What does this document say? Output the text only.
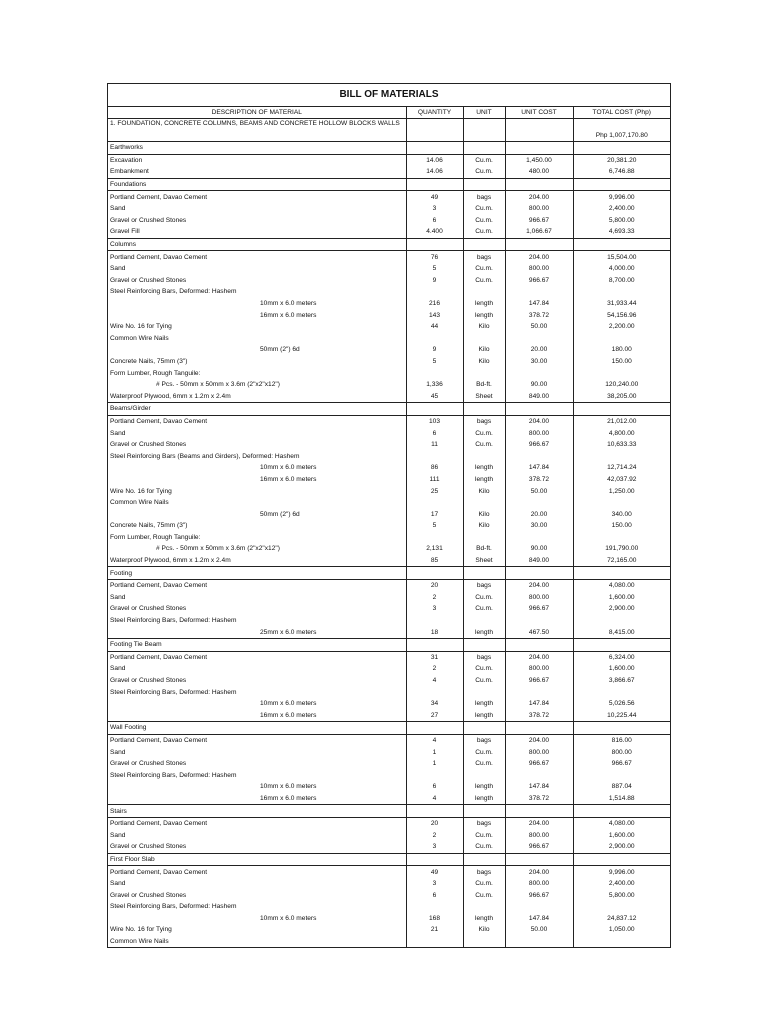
BILL OF MATERIALS
DESCRIPTION OF MATERIAL	QUANTITY	UNIT	UNIT COST	TOTAL COST (Php)
1. FOUNDATION, CONCRETE COLUMNS, BEAMS AND CONCRETE HOLLOW BLOCKS WALLS				Php 1,007,170.80
Earthworks				
Excavation	14.06	Cu.m.	1,450.00	20,381.20
Embankment	14.06	Cu.m.	480.00	6,746.88
Foundations				
Portland Cement, Davao Cement	49	bags	204.00	9,996.00
Sand	3	Cu.m.	800.00	2,400.00
Gravel or Crushed Stones	6	Cu.m.	966.67	5,800.00
Gravel Fill	4.400	Cu.m.	1,066.67	4,693.33
Columns				
Portland Cement, Davao Cement	76	bags	204.00	15,504.00
Sand	5	Cu.m.	800.00	4,000.00
Gravel or Crushed Stones	9	Cu.m.	966.67	8,700.00
Steel Reinforcing Bars, Deformed: Hashem				
10mm x 6.0 meters	216	length	147.84	31,933.44
16mm x 6.0 meters	143	length	378.72	54,156.96
Wire No. 16 for Tying	44	Kilo	50.00	2,200.00
Common Wire Nails				
50mm (2") 6d	9	Kilo	20.00	180.00
Concrete Nails, 75mm (3")	5	Kilo	30.00	150.00
Form Lumber, Rough Tanguile:				
# Pcs. - 50mm x 50mm x 3.6m (2"x2"x12")	1,336	Bd-ft.	90.00	120,240.00
Waterproof Plywood, 6mm x 1.2m x 2.4m	45	Sheet	849.00	38,205.00
Beams/Girder				
Portland Cement, Davao Cement	103	bags	204.00	21,012.00
Sand	6	Cu.m.	800.00	4,800.00
Gravel or Crushed Stones	11	Cu.m.	966.67	10,633.33
Steel Reinforcing Bars (Beams and Girders), Deformed: Hashem				
10mm x 6.0 meters	86	length	147.84	12,714.24
16mm x 6.0 meters	111	length	378.72	42,037.92
Wire No. 16 for Tying	25	Kilo	50.00	1,250.00
Common Wire Nails				
50mm (2") 6d	17	Kilo	20.00	340.00
Concrete Nails, 75mm (3")	5	Kilo	30.00	150.00
Form Lumber, Rough Tanguile:				
# Pcs. - 50mm x 50mm x 3.6m (2"x2"x12")	2,131	Bd-ft.	90.00	191,790.00
Waterproof Plywood, 6mm x 1.2m x 2.4m	85	Sheet	849.00	72,165.00
Footing				
Portland Cement, Davao Cement	20	bags	204.00	4,080.00
Sand	2	Cu.m.	800.00	1,600.00
Gravel or Crushed Stones	3	Cu.m.	966.67	2,900.00
Steel Reinforcing Bars, Deformed: Hashem				
25mm x 6.0 meters	18	length	467.50	8,415.00
Footing Tie Beam				
Portland Cement, Davao Cement	31	bags	204.00	6,324.00
Sand	2	Cu.m.	800.00	1,600.00
Gravel or Crushed Stones	4	Cu.m.	966.67	3,866.67
Steel Reinforcing Bars, Deformed: Hashem				
10mm x 6.0 meters	34	length	147.84	5,026.56
16mm x 6.0 meters	27	length	378.72	10,225.44
Wall Footing				
Portland Cement, Davao Cement	4	bags	204.00	816.00
Sand	1	Cu.m.	800.00	800.00
Gravel or Crushed Stones	1	Cu.m.	966.67	966.67
Steel Reinforcing Bars, Deformed: Hashem				
10mm x 6.0 meters	6	length	147.84	887.04
16mm x 6.0 meters	4	length	378.72	1,514.88
Stairs				
Portland Cement, Davao Cement	20	bags	204.00	4,080.00
Sand	2	Cu.m.	800.00	1,600.00
Gravel or Crushed Stones	3	Cu.m.	966.67	2,900.00
First Floor Slab				
Portland Cement, Davao Cement	49	bags	204.00	9,996.00
Sand	3	Cu.m.	800.00	2,400.00
Gravel or Crushed Stones	6	Cu.m.	966.67	5,800.00
Steel Reinforcing Bars, Deformed: Hashem				
10mm x 6.0 meters	168	length	147.84	24,837.12
Wire No. 16 for Tying	21	Kilo	50.00	1,050.00
Common Wire Nails				
